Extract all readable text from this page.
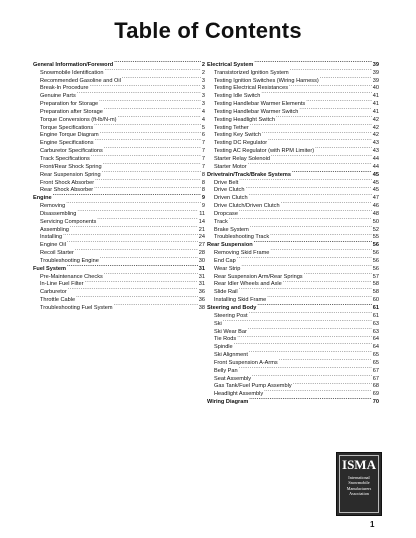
Table of Contents
General Information/Foreword .....	2
Snowmobile Identification .....	2
Recommended Gasoline and Oil .....	3
Break-In Procedure .....	3
Genuine Parts .....	3
Preparation for Storage .....	3
Preparation after Storage .....	4
Torque Conversions (ft-lb/N-m) .....	4
Torque Specifications .....	5
Engine Torque Diagram .....	6
Engine Specifications .....	7
Carburetor Specifications .....	7
Track Specifications .....	7
Front/Rear Shock Spring .....	7
Rear Suspension Spring .....	8
Front Shock Absorber .....	8
Rear Shock Absorber .....	8
Engine .....	9
Removing .....	9
Disassembling .....	11
Servicing Components .....	14
Assembling .....	21
Installing .....	24
Engine Oil .....	27
Recoil Starter .....	28
Troubleshooting Engine .....	30
Fuel System .....	31
Pre-Maintenance Checks .....	31
In-Line Fuel Filter .....	31
Carburetor .....	36
Throttle Cable .....	36
Troubleshooting Fuel System .....	38
Electrical System .....	39
Transistorized Ignition System .....	39
Testing Ignition Switches (Wiring Harness) .....	39
Testing Electrical Resistances .....	40
Testing Idle Switch .....	41
Testing Handlebar Warmer Elements .....	41
Testing Handlebar Warmer Switch .....	41
Testing Headlight Switch .....	42
Testing Tether .....	42
Testing Key Switch .....	42
Testing DC Regulator .....	43
Testing AC Regulator (with RPM Limiter) .....	43
Starter Relay Solenoid .....	44
Starter Motor .....	44
Drivetrain/Track/Brake Systems .....	45
Drive Belt .....	45
Drive Clutch .....	45
Driven Clutch .....	47
Drive Clutch/Driven Clutch .....	46
Dropcase .....	48
Track .....	50
Brake System .....	52
Troubleshooting Track .....	55
Rear Suspension .....	56
Removing Skid Frame .....	56
End Cap .....	56
Wear Strip .....	56
Rear Suspension Arm/Rear Springs .....	57
Rear Idler Wheels and Axle .....	58
Slide Rail .....	58
Installing Skid Frame .....	60
Steering and Body .....	61
Steering Post .....	61
Ski .....	63
Ski Wear Bar .....	63
Tie Rods .....	64
Spindle .....	64
Ski Alignment .....	65
Front Suspension A-Arms .....	65
Belly Pan .....	67
Seat Assembly .....	67
Gas Tank/Fuel Pump Assembly .....	68
Headlight Assembly .....	69
Wiring Diagram .....	70
ISMA
International
Snowmobile
Manufacturers
Association
1
